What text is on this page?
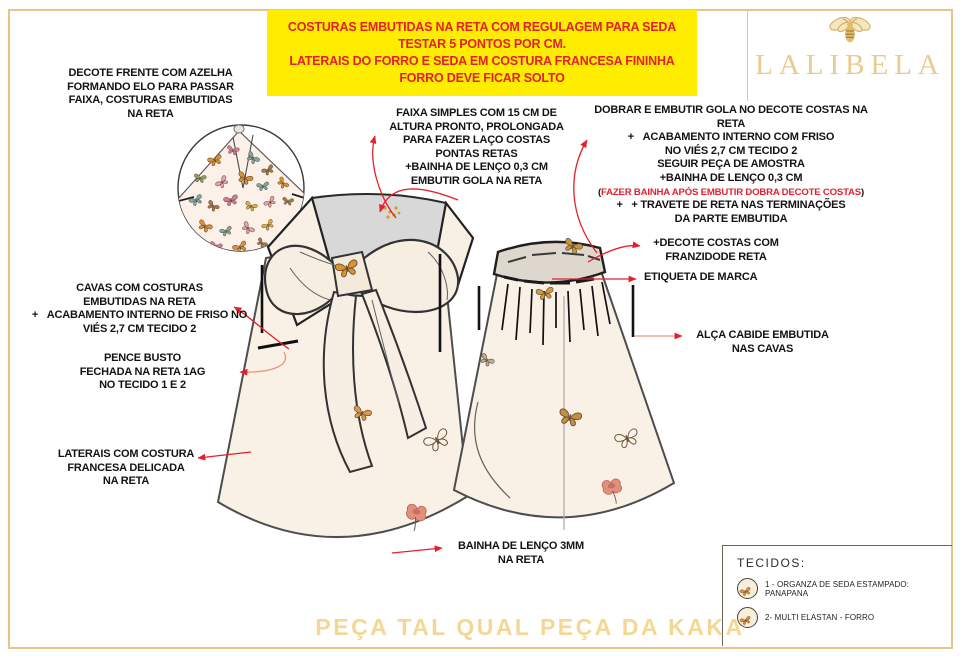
COSTURAS EMBUTIDAS NA RETA COM REGULAGEM PARA SEDA
TESTAR 5 PONTOS POR CM.
LATERAIS DO FORRO E SEDA EM COSTURA FRANCESA FININHA
FORRO DEVE FICAR SOLTO	LALIBELA
DECOTE FRENTE COM AZELHA
FORMANDO ELO PARA PASSAR
FAIXA, COSTURAS EMBUTIDAS
NA RETA	FAIXA SIMPLES COM 15 CM DE
ALTURA PRONTO, PROLONGADA
PARA FAZER LAÇO COSTAS
PONTAS RETAS
+BAINHA DE LENÇO 0,3 CM
EMBUTIR GOLA NA RETA
DOBRAR E EMBUTIR GOLA NO DECOTE COSTAS NA RETA
+   ACABAMENTO INTERNO COM FRISO
NO VIÉS 2,7 CM TECIDO 2
SEGUIR PEÇA DE AMOSTRA
+BAINHA DE LENÇO 0,3 CM
(FAZER BAINHA APÓS EMBUTIR DOBRA DECOTE COSTAS)
+   + TRAVETE DE RETA NAS TERMINAÇÕES
DA PARTE EMBUTIDA
+DECOTE COSTAS COM
FRANZIDODE RETA
ETIQUETA DE MARCA
ALÇA CABIDE EMBUTIDA
NAS CAVAS
CAVAS COM COSTURAS
EMBUTIDAS NA RETA
+   ACABAMENTO INTERNO DE FRISO NO
VIÉS 2,7 CM TECIDO 2
PENCE BUSTO
FECHADA NA RETA 1AG
NO TECIDO 1 E 2
LATERAIS COM COSTURA
FRANCESA DELICADA
NA RETA
BAINHA DE LENÇO 3MM
NA RETA	TECIDOS:
1 - ORGANZA DE SEDA ESTAMPADO: PANAPANA
2- MULTI ELASTAN - FORRO
PEÇA TAL QUAL PEÇA DA KAKA
